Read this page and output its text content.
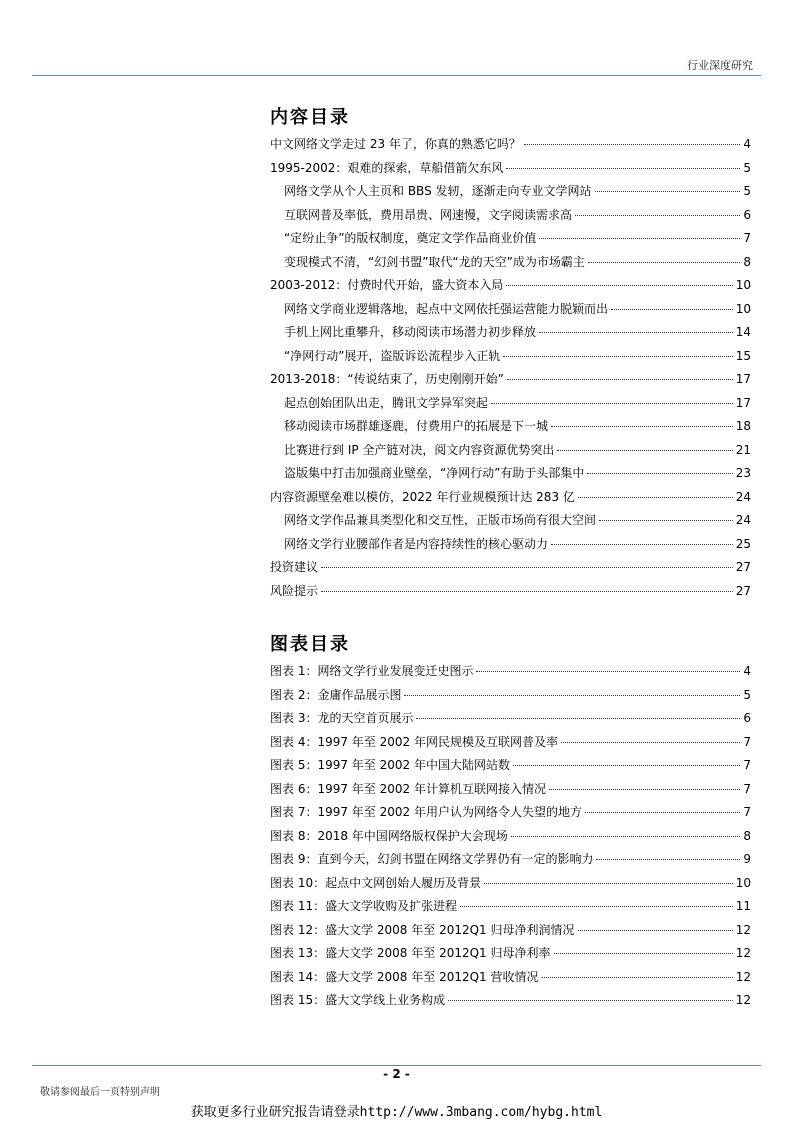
行业深度研究
内容目录
中文网络文学走过 23 年了，你真的熟悉它吗？	4
1995-2002：艰难的探索，草船借箭欠东风	5
网络文学从个人主页和 BBS 发轫，逐渐走向专业文学网站	5
互联网普及率低，费用昂贵、网速慢，文字阅读需求高	6
“定纷止争”的版权制度，奠定文学作品商业价值	7
变现模式不清，“幻剑书盟”取代“龙的天空”成为市场霸主	8
2003-2012：付费时代开始，盛大资本入局	10
网络文学商业逻辑落地，起点中文网依托强运营能力脱颖而出	10
手机上网比重攀升，移动阅读市场潜力初步释放	14
“净网行动”展开，盗版诉讼流程步入正轨	15
2013-2018：“传说结束了，历史刚刚开始”	17
起点创始团队出走，腾讯文学异军突起	17
移动阅读市场群雄逐鹿，付费用户的拓展是下一城	18
比赛进行到 IP 全产链对决，阅文内容资源优势突出	21
盗版集中打击加强商业壁垒，“净网行动”有助于头部集中	23
内容资源壁垒难以模仿，2022 年行业规模预计达 283 亿	24
网络文学作品兼具类型化和交互性，正版市场尚有很大空间	24
网络文学行业腰部作者是内容持续性的核心驱动力	25
投资建议	27
风险提示	27
图表目录
图表 1：网络文学行业发展变迁史图示	4
图表 2：金庸作品展示图	5
图表 3：龙的天空首页展示	6
图表 4：1997 年至 2002 年网民规模及互联网普及率	7
图表 5：1997 年至 2002 年中国大陆网站数	7
图表 6：1997 年至 2002 年计算机互联网接入情况	7
图表 7：1997 年至 2002 年用户认为网络令人失望的地方	7
图表 8：2018 年中国网络版权保护大会现场	8
图表 9：直到今天，幻剑书盟在网络文学界仍有一定的影响力	9
图表 10：起点中文网创始人履历及背景	10
图表 11：盛大文学收购及扩张进程	11
图表 12：盛大文学 2008 年至 2012Q1 归母净利润情况	12
图表 13：盛大文学 2008 年至 2012Q1 归母净利率	12
图表 14：盛大文学 2008 年至 2012Q1 营收情况	12
图表 15：盛大文学线上业务构成	12
- 2 -
敬请参阅最后一页特别声明
获取更多行业研究报告请登录http://www.3mbang.com/hybg.html
